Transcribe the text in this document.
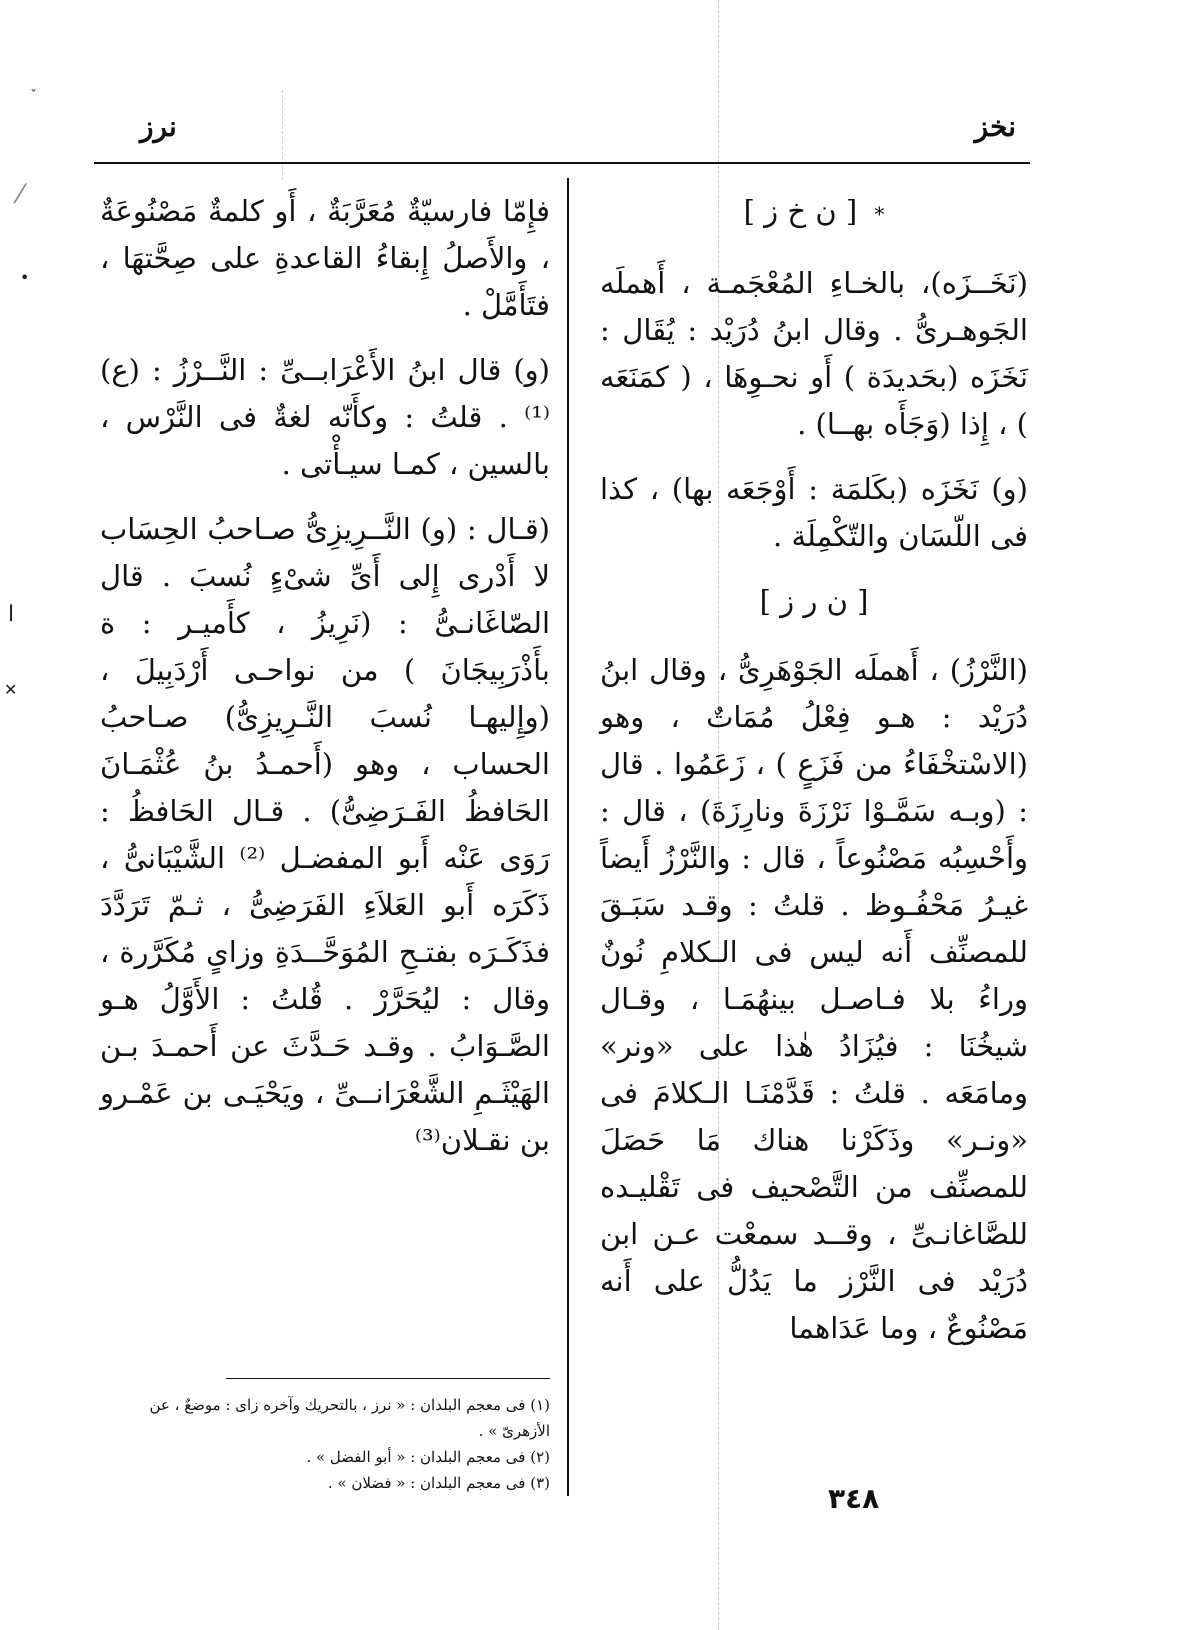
ˇ
⁄
•
ا
✕
نخز
نرز

* [ ن خ ز ]

(نَخَــزَه)، بالخـاءِ المُعْجَمـة ، أَهملَه الجَوهـرىُّ . وقال ابنُ دُرَيْد : يُقَال : نَخَزَه (بحَديدَة ) أَو نحـوِهَا ، ( كمَنَعَه ) ، إِذا (وَجَأَه بهــا) .

(و) نَخَزَه (بكَلمَة : أَوْجَعَه بها) ، كذا فى اللّسَان والتّكْمِلَة .

[ ن ر ز ]

(النَّرْزُ) ، أَهملَه الجَوْهَرِىُّ ، وقال ابنُ دُرَيْد : هـو فِعْلُ مُمَاتٌ ، وهو (الاسْتخْفَاءُ من فَزَعٍ ) ، زَعَمُوا . قال : (وبـه سَمَّـوْا نَرْزَةَ ونارِزَةَ) ، قال : وأَحْسِبُه مَصْنُوعاً ، قال : والنَّرْزُ أَيضاً غيـرُ مَحْفُـوظ . قلتُ : وقـد سَبَـقَ للمصنِّف أَنه ليس فى الـكلامِ نُونٌ وراءُ بلا فـاصـل بينهُمَـا ، وقـال شيخُنَا : فيُزَادُ هٰذا على «ونر» ومامَعَه . قلتُ : قَدَّمْنَـا الـكلامَ فى «ونـر» وذَكَرْنا هناك مَا حَصَلَ للمصنِّف من التَّصْحيف فى تَقْليـده للصَّاغانـىِّ ، وقــد سمعْت عـن ابن دُرَيْد فى النَّرْز ما يَدُلُّ على أَنه مَصْنُوعٌ ، وما عَدَاهما

فإِمّا فارسيّةٌ مُعَرَّبَةٌ ، أَو كلمةٌ مَصْنُوعَةٌ ، والأَصلُ إِبقاءُ القاعدةِ على صِحَّتهَا ، فتَأَمَّلْ .

(و) قال ابنُ الأَعْرَابــىِّ : النَّــرْزُ : (ع) ⁽¹⁾ . قلتُ : وكأَنّه لغةٌ فى النَّرْس ، بالسين ، كمـا سيـأْتى .

(قـال : (و) النَّــرِيزِىُّ صـاحبُ الحِسَاب لا أَدْرى إِلى أَىِّ شىْءٍ نُسبَ . قال الصّاغَانـىُّ : (نَرِيزُ ، كأَميـر : ة بأَذْرَبِيجَانَ ) من نواحـى أَرْدَبِيلَ ، (وإِليهـا نُسبَ النَّـرِيزِىُّ) صـاحبُ الحساب ، وهو (أَحمـدُ بنُ عُثْمَـانَ الحَافظُ الفَـرَضِىُّ) . قـال الحَافظُ : رَوَى عَنْه أَبو المفضـل ⁽²⁾ الشَّيْبَانىُّ ، ذَكَرَه أَبو العَلاَءِ الفَرَضِىُّ ، ثـمّ تَرَدَّدَ فذَكَـرَه بفتـحِ المُوَحَّــدَةِ وزاىٍ مُكَرَّرة ، وقال : ليُحَرَّرْ . قُلتُ : الأَوَّلُ هـو الصَّـوَابُ . وقـد حَـدَّثَ عن أَحمـدَ بـن الهَيْثَـمِ الشَّعْرَانــىِّ ، ويَحْيَـى بن عَمْـرو بن نقـلان⁽³⁾

(١) فى معجم البلدان : « نرز ، بالتحريك وآخره زاى : موضعٌ ، عن الأزهرىّ » .
(٢) فى معجم البلدان : « أبو الفضل » .
(٣) فى معجم البلدان : « فضلان » .	٣٤٨
